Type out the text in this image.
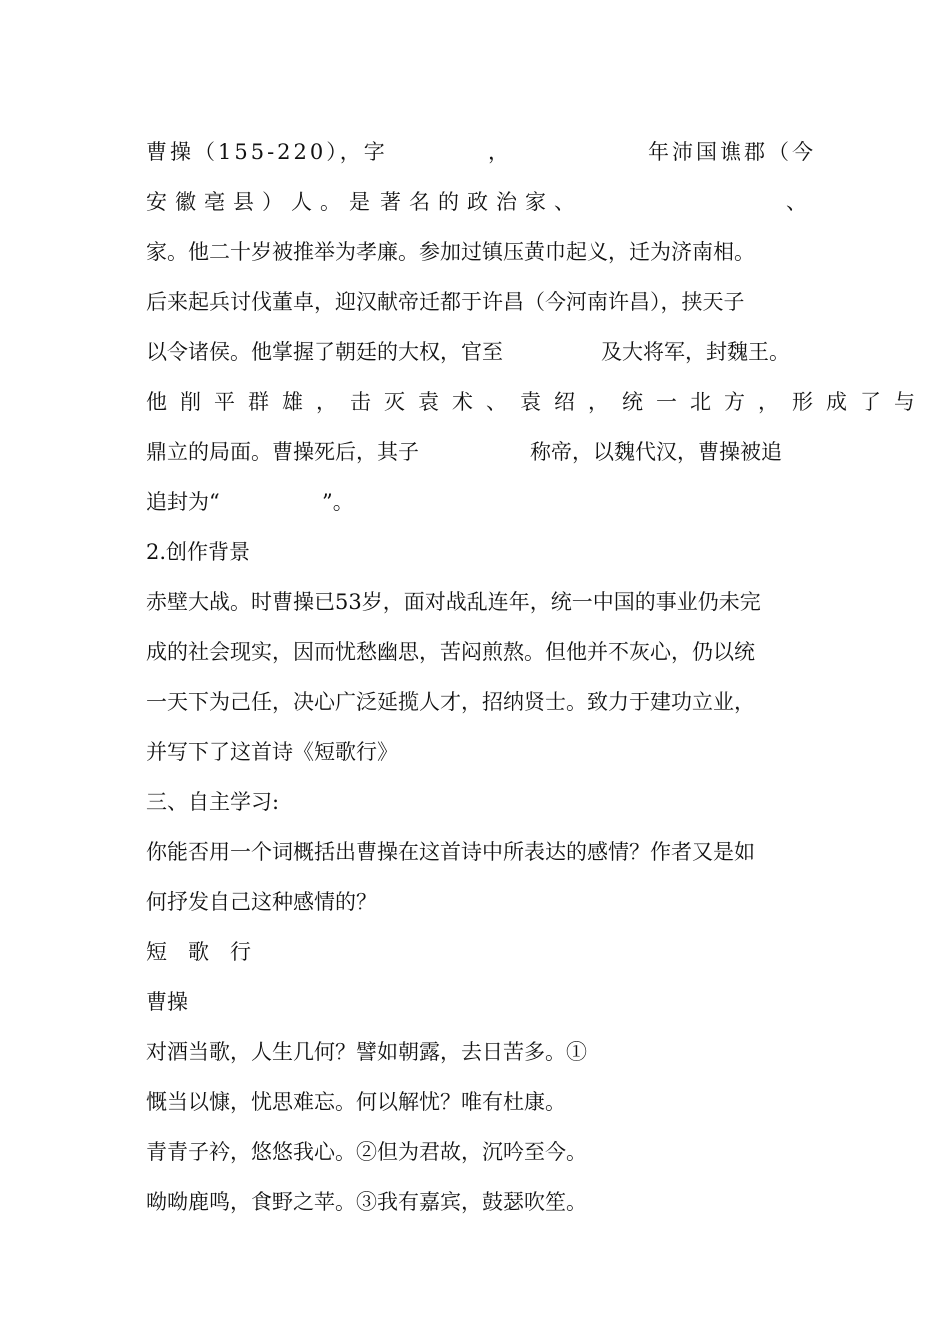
曹操（155-220），字	，	年沛国谯郡（今
安徽亳县）人。是 著名的政治家、	、
家。他二十岁被推举为孝廉。参加过镇压黄巾起义，迁为济南相。
后来起兵讨伐董卓，迎汉献帝迁都于许昌（今河南许昌），挟天子
以令诸侯。他掌握了朝廷的大权，官至	及大将军，封魏王。
他削平群雄，击灭袁术、袁绍，统一北方，形成了与
鼎立的局面。曹操死后，其子	称帝，以魏代汉，曹操被追
追封为“	”。
2.创作背景
赤壁大战。时曹操已53岁，面对战乱连年，统一中国的事业仍未完
成的社会现实，因而忧愁幽思，苦闷煎熬。但他并不灰心，仍以统
一天下为己任，决心广泛延揽人才，招纳贤士。致力于建功立业，
并写下了这首诗《短歌行》
三、自主学习:
你能否用一个词概括出曹操在这首诗中所表达的感情？作者又是如
何抒发自己这种感情的？
短　歌　行
曹操
对酒当歌，人生几何？譬如朝露，去日苦多。①
慨当以慷，忧思难忘。何以解忧？唯有杜康。
青青子衿，悠悠我心。②但为君故，沉吟至今。
呦呦鹿鸣，食野之苹。③我有嘉宾，鼓瑟吹笙。
